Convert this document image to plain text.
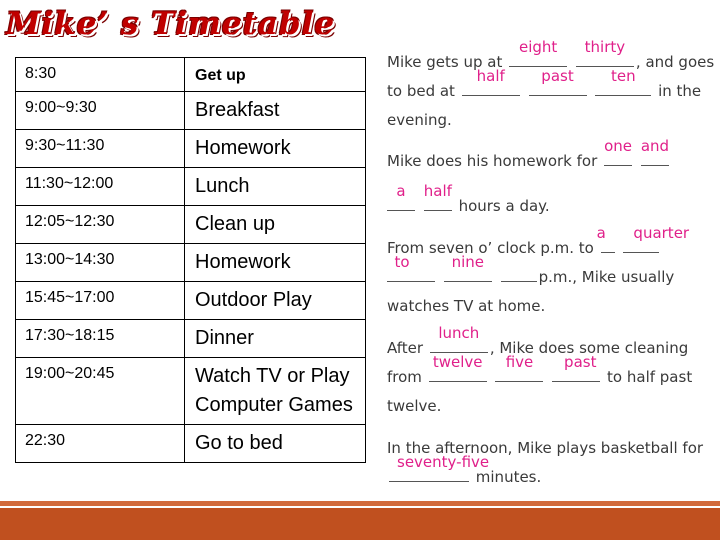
Mike’ s Timetable
8:30	Get up
9:00~9:30	Breakfast
9:30~11:30	Homework
11:30~12:00	Lunch
12:05~12:30	Clean up
13:00~14:30	Homework
15:45~17:00	Outdoor Play
17:30~18:15	Dinner
19:00~20:45	Watch TV or Play Computer Games
22:30	Go to bed

Mike gets up at
eight
	thirty
, and goes to bed at
half
	past
	ten
in the evening.

Mike does his homework for
one
and

a
	half
hours a day.

From seven o’ clock p.m. to
a
quarter

to
	nine
p.m., Mike usually watches TV at home.

After
lunch
, Mike does some cleaning from
twelve
	five
	past
to half past twelve.

In the afternoon, Mike plays basketball for
seventy-five
minutes.
